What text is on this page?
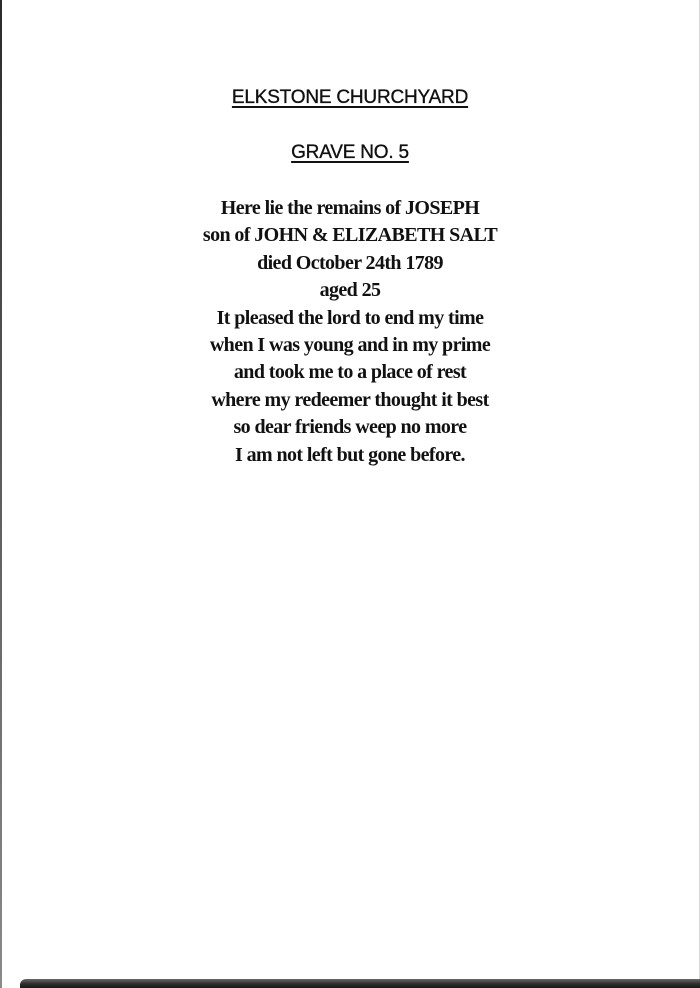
ELKSTONE CHURCHYARD
GRAVE NO. 5
Here lie the remains of JOSEPH
son of JOHN & ELIZABETH SALT
died October 24th 1789
aged 25
It pleased the lord to end my time
when I was young and in my prime
and took me to a place of rest
where my redeemer thought it best
so dear friends weep no more
I am not left but gone before.
